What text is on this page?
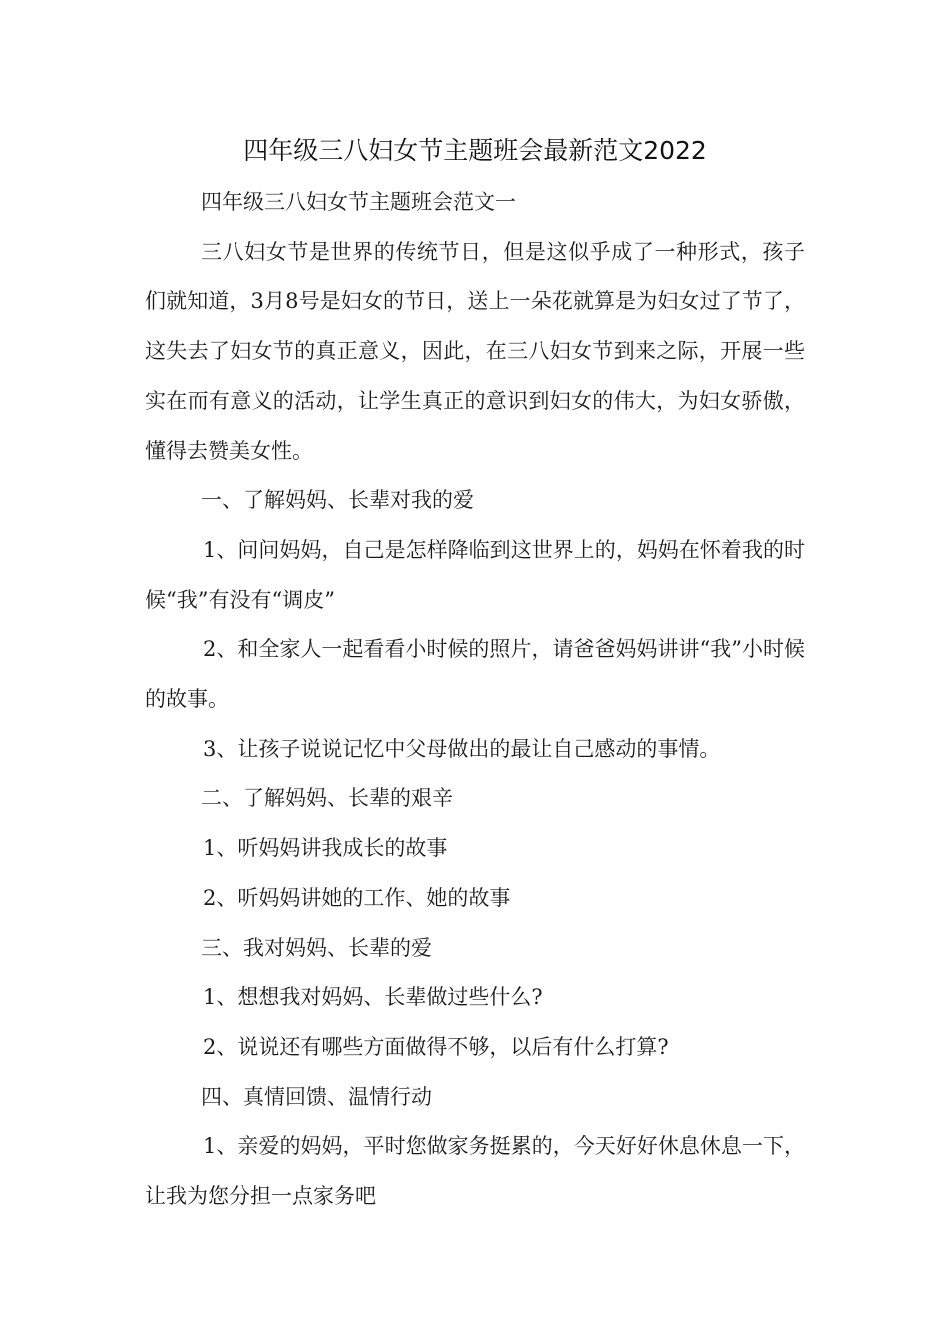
四年级三八妇女节主题班会最新范文2022

四年级三八妇女节主题班会范文一

三八妇女节是世界的传统节日，但是这似乎成了一种形式，孩子们就知道，3月8号是妇女的节日，送上一朵花就算是为妇女过了节了，这失去了妇女节的真正意义，因此，在三八妇女节到来之际，开展一些实在而有意义的活动，让学生真正的意识到妇女的伟大，为妇女骄傲，懂得去赞美女性。

一、了解妈妈、长辈对我的爱

1、问问妈妈，自己是怎样降临到这世界上的，妈妈在怀着我的时候“我”有没有“调皮”

2、和全家人一起看看小时候的照片，请爸爸妈妈讲讲“我”小时候的故事。

3、让孩子说说记忆中父母做出的最让自己感动的事情。

二、了解妈妈、长辈的艰辛

1、听妈妈讲我成长的故事

2、听妈妈讲她的工作、她的故事

三、我对妈妈、长辈的爱

1、想想我对妈妈、长辈做过些什么?

2、说说还有哪些方面做得不够，以后有什么打算?

四、真情回馈、温情行动

1、亲爱的妈妈，平时您做家务挺累的，今天好好休息休息一下，让我为您分担一点家务吧
